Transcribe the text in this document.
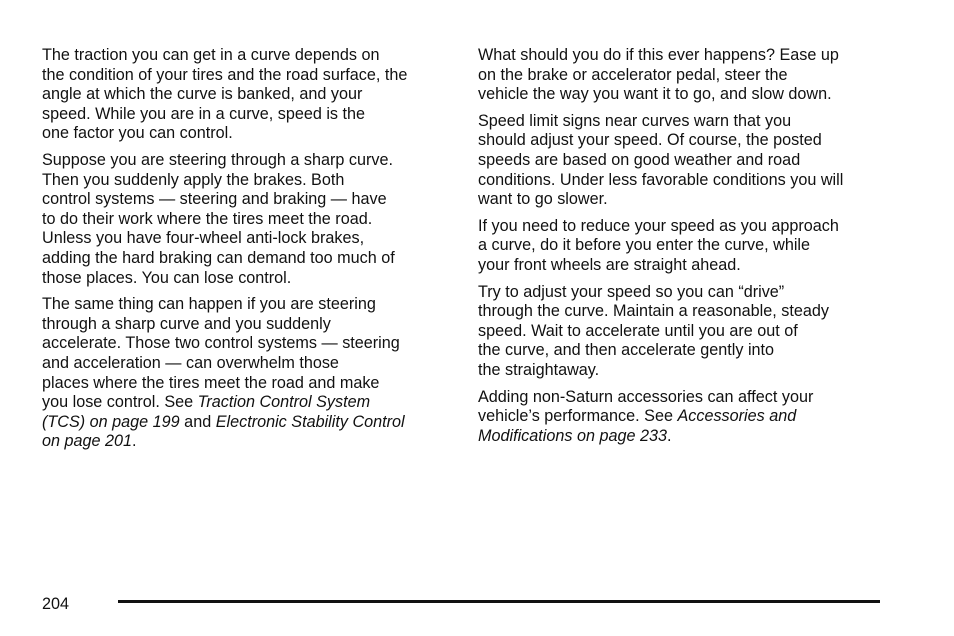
The traction you can get in a curve depends on
the condition of your tires and the road surface, the
angle at which the curve is banked, and your
speed. While you are in a curve, speed is the
one factor you can control.

Suppose you are steering through a sharp curve.
Then you suddenly apply the brakes. Both
control systems — steering and braking — have
to do their work where the tires meet the road.
Unless you have four-wheel anti-lock brakes,
adding the hard braking can demand too much of
those places. You can lose control.

The same thing can happen if you are steering
through a sharp curve and you suddenly
accelerate. Those two control systems — steering
and acceleration — can overwhelm those
places where the tires meet the road and make
you lose control. See Traction Control System
(TCS) on page 199 and Electronic Stability Control
on page 201.

What should you do if this ever happens? Ease up
on the brake or accelerator pedal, steer the
vehicle the way you want it to go, and slow down.

Speed limit signs near curves warn that you
should adjust your speed. Of course, the posted
speeds are based on good weather and road
conditions. Under less favorable conditions you will
want to go slower.

If you need to reduce your speed as you approach
a curve, do it before you enter the curve, while
your front wheels are straight ahead.

Try to adjust your speed so you can “drive”
through the curve. Maintain a reasonable, steady
speed. Wait to accelerate until you are out of
the curve, and then accelerate gently into
the straightaway.

Adding non-Saturn accessories can affect your
vehicle’s performance. See Accessories and
Modifications on page 233.

204
